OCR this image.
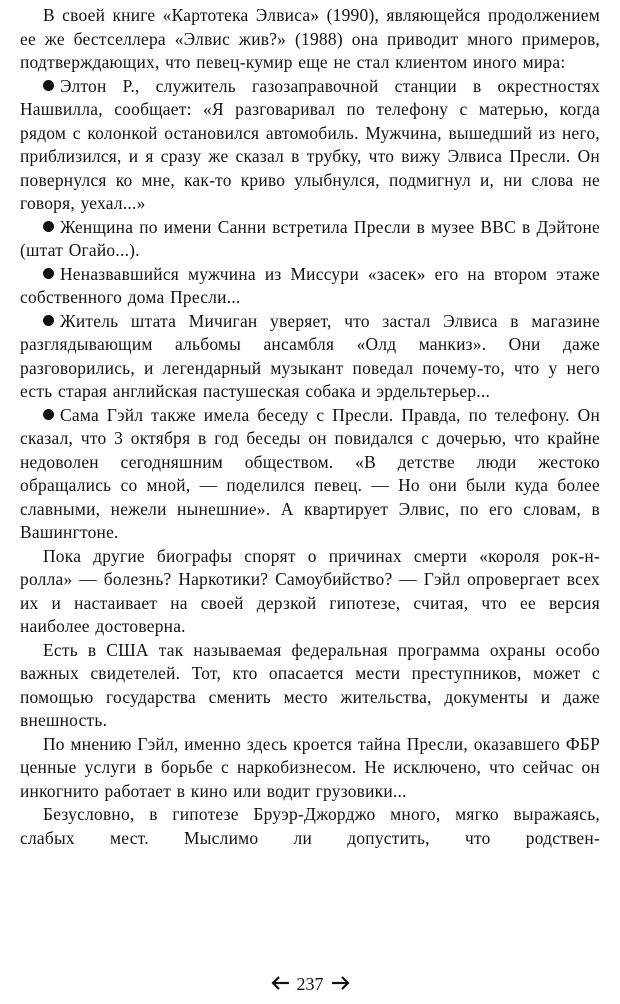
В своей книге «Картотека Элвиса» (1990), являющейся продолжением ее же бестселлера «Элвис жив?» (1988) она приводит много примеров, подтверждающих, что певец-кумир еще не стал клиентом иного мира:

Элтон Р., служитель газозаправочной станции в окрестностях Нашвилла, сообщает: «Я разговаривал по телефону с матерью, когда рядом с колонкой остановился автомобиль. Мужчина, вышедший из него, приблизился, и я сразу же сказал в трубку, что вижу Элвиса Пресли. Он повернулся ко мне, как-то криво улыбнулся, подмигнул и, ни слова не говоря, уехал...»

Женщина по имени Санни встретила Пресли в музее ВВС в Дэйтоне (штат Огайо...).

Неназвавшийся мужчина из Миссури «засек» его на втором этаже собственного дома Пресли...

Житель штата Мичиган уверяет, что застал Элвиса в магазине разглядывающим альбомы ансамбля «Олд манкиз». Они даже разговорились, и легендарный музыкант поведал почему-то, что у него есть старая английская пастушеская собака и эрдельтерьер...

Сама Гэйл также имела беседу с Пресли. Правда, по телефону. Он сказал, что 3 октября в год беседы он повидался с дочерью, что крайне недоволен сегодняшним обществом. «В детстве люди жестоко обращались со мной, — поделился певец. — Но они были куда более славными, нежели нынешние». А квартирует Элвис, по его словам, в Вашингтоне.

Пока другие биографы спорят о причинах смерти «короля рок-н-ролла» — болезнь? Наркотики? Самоубийство? — Гэйл опровергает всех их и настаивает на своей дерзкой гипотезе, считая, что ее версия наиболее достоверна.

Есть в США так называемая федеральная программа охраны особо важных свидетелей. Тот, кто опасается мести преступников, может с помощью государства сменить место жительства, документы и даже внешность.

По мнению Гэйл, именно здесь кроется тайна Пресли, оказавшего ФБР ценные услуги в борьбе с наркобизнесом. Не исключено, что сейчас он инкогнито работает в кино или водит грузовики...

Безусловно, в гипотезе Бруэр-Джорджо много, мягко выражаясь, слабых мест. Мыслимо ли допустить, что родствен-

237
